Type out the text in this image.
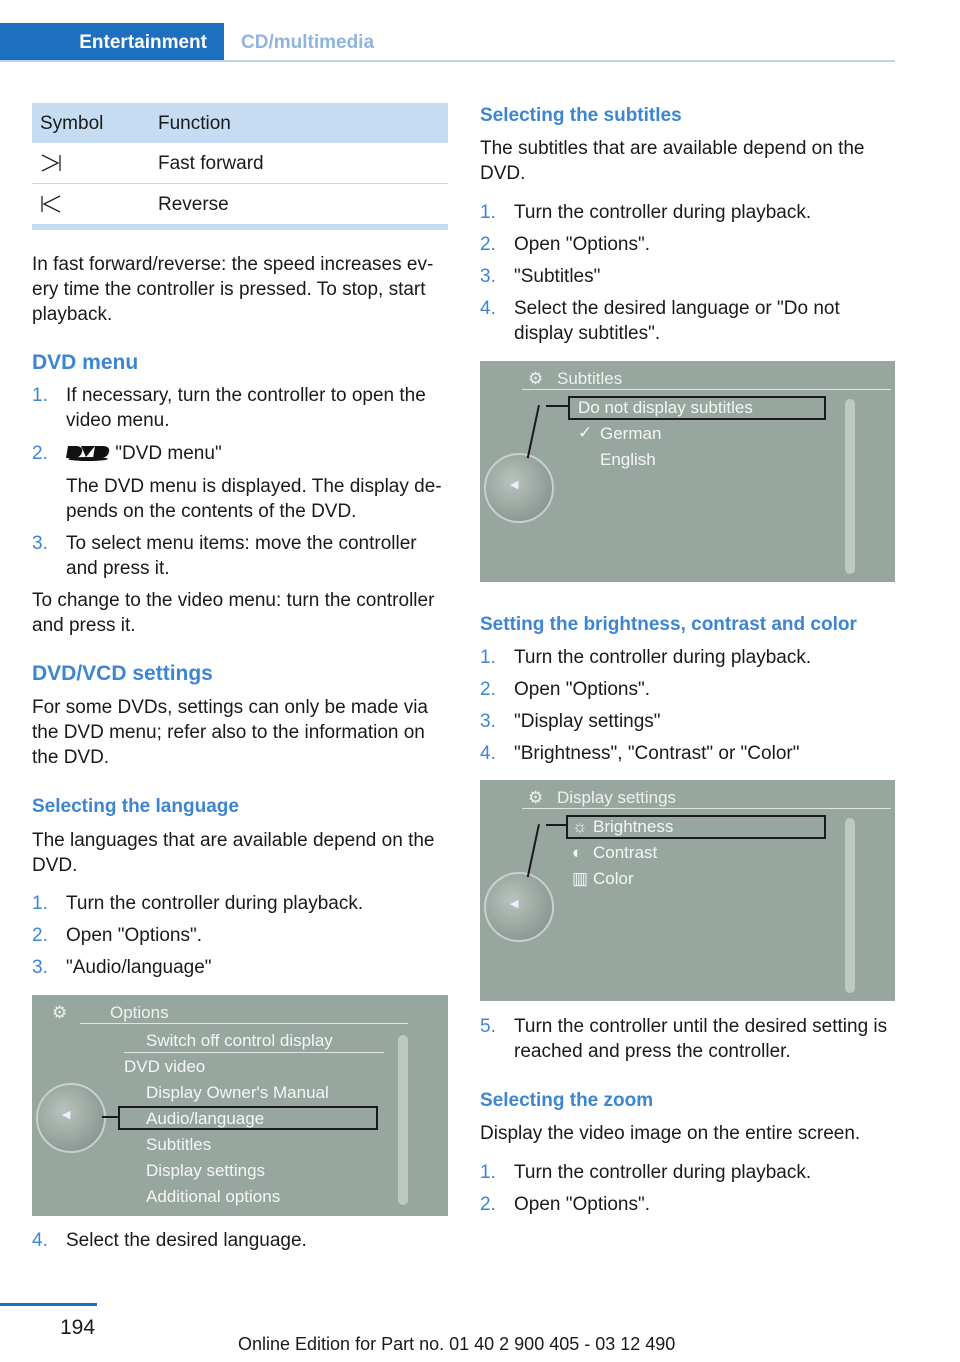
Entertainment	CD/multimedia
Symbol	Function
Fast forward
Reverse

In fast forward/reverse: the speed increases ev-ery time the controller is pressed. To stop, start playback.

DVD menu
1. If necessary, turn the controller to open the video menu.
2.	"DVD menu"
The DVD menu is displayed. The display de-pends on the contents of the DVD.
3. To select menu items: move the controller and press it.

To change to the video menu: turn the controller and press it.

DVD/VCD settings

For some DVDs, settings can only be made via the DVD menu; refer also to the information on the DVD.

Selecting the language

The languages that are available depend on the DVD.

1. Turn the controller during playback.
2. Open "Options".
3. "Audio/language"
⚙	Options
◀
Switch off control display
DVD video
Display Owner's Manual
Audio/language
Subtitles
Display settings
Additional options
4. Select the desired language.
Selecting the subtitles

The subtitles that are available depend on the DVD.

1. Turn the controller during playback.
2. Open "Options".
3. "Subtitles"
4. Select the desired language or "Do not display subtitles".
⚙ Subtitles
◀
Do not display subtitles
✓ German
English
Setting the brightness, contrast and color
1. Turn the controller during playback.
2. Open "Options".
3. "Display settings"
4. "Brightness", "Contrast" or "Color"
⚙ Display settings
◀
☼ Brightness
◐ Contrast
▥ Color
5. Turn the controller until the desired setting is reached and press the controller.
Selecting the zoom

Display the video image on the entire screen.

1. Turn the controller during playback.
2. Open "Options".
194
Online Edition for Part no. 01 40 2 900 405 - 03 12 490
